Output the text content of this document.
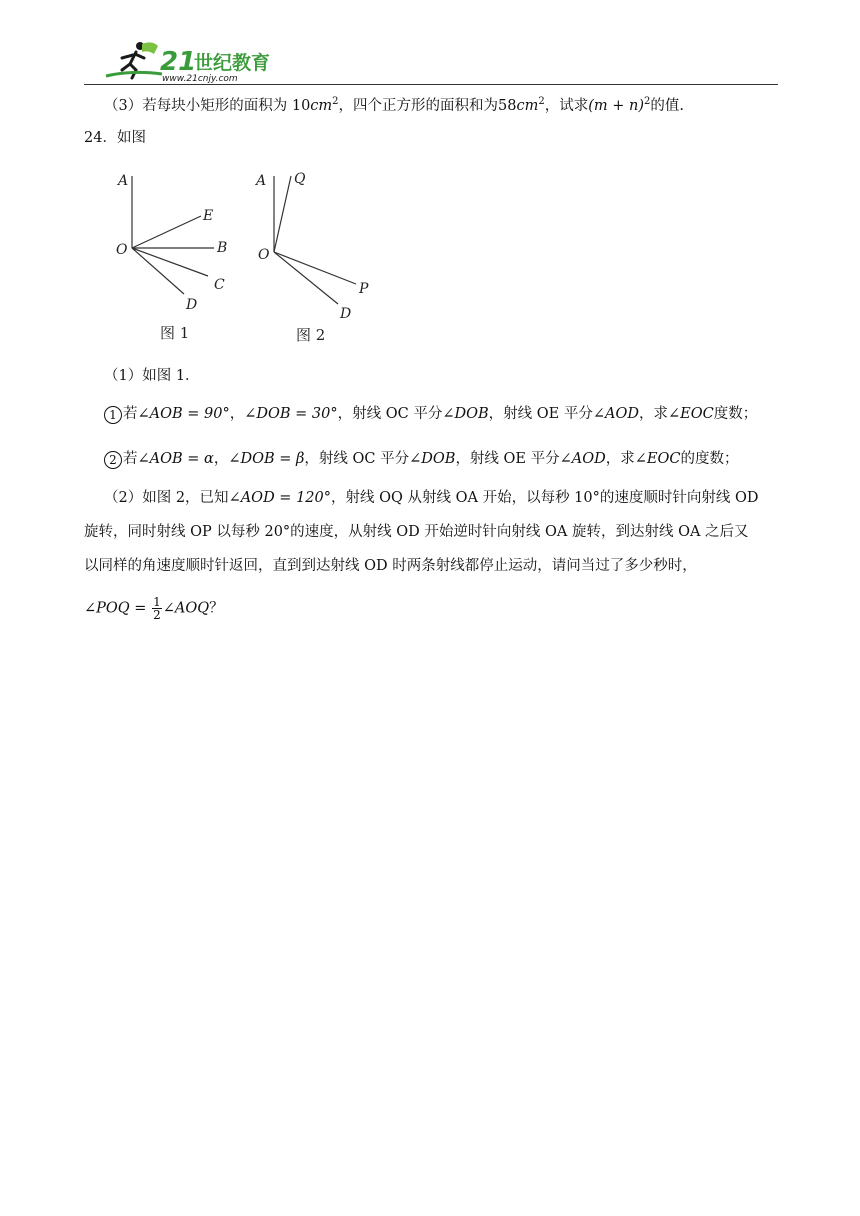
21
世纪教育
www.21cnjy.com
（3）若每块小矩形的面积为 $10cm^2$，四个正方形的面积和为$58cm^2$，试求$(m + n)^2$的值.
24．如图
A
E
O	B
C
D
图 1
A Q
O
P
D
图 2
（1）如图 1．
1 若∠AOB = 90°，∠DOB = 30°，射线 OC 平分∠DOB，射线 OE 平分∠AOD，求∠EOC度数；
2 若∠AOB = α，∠DOB = β，射线 OC 平分∠DOB，射线 OE 平分∠AOD，求∠EOC的度数；
（2）如图 2，已知∠AOD = 120°，射线 OQ 从射线 OA 开始，以每秒 10°的速度顺时针向射线 OD
旋转，同时射线 OP 以每秒 20°的速度，从射线 OD 开始逆时针向射线 OA 旋转，到达射线 OA 之后又
以同样的角速度顺时针返回，直到到达射线 OD 时两条射线都停止运动，请问当过了多少秒时，
∠POQ = $\frac{1}{2}$ ∠AOQ？
